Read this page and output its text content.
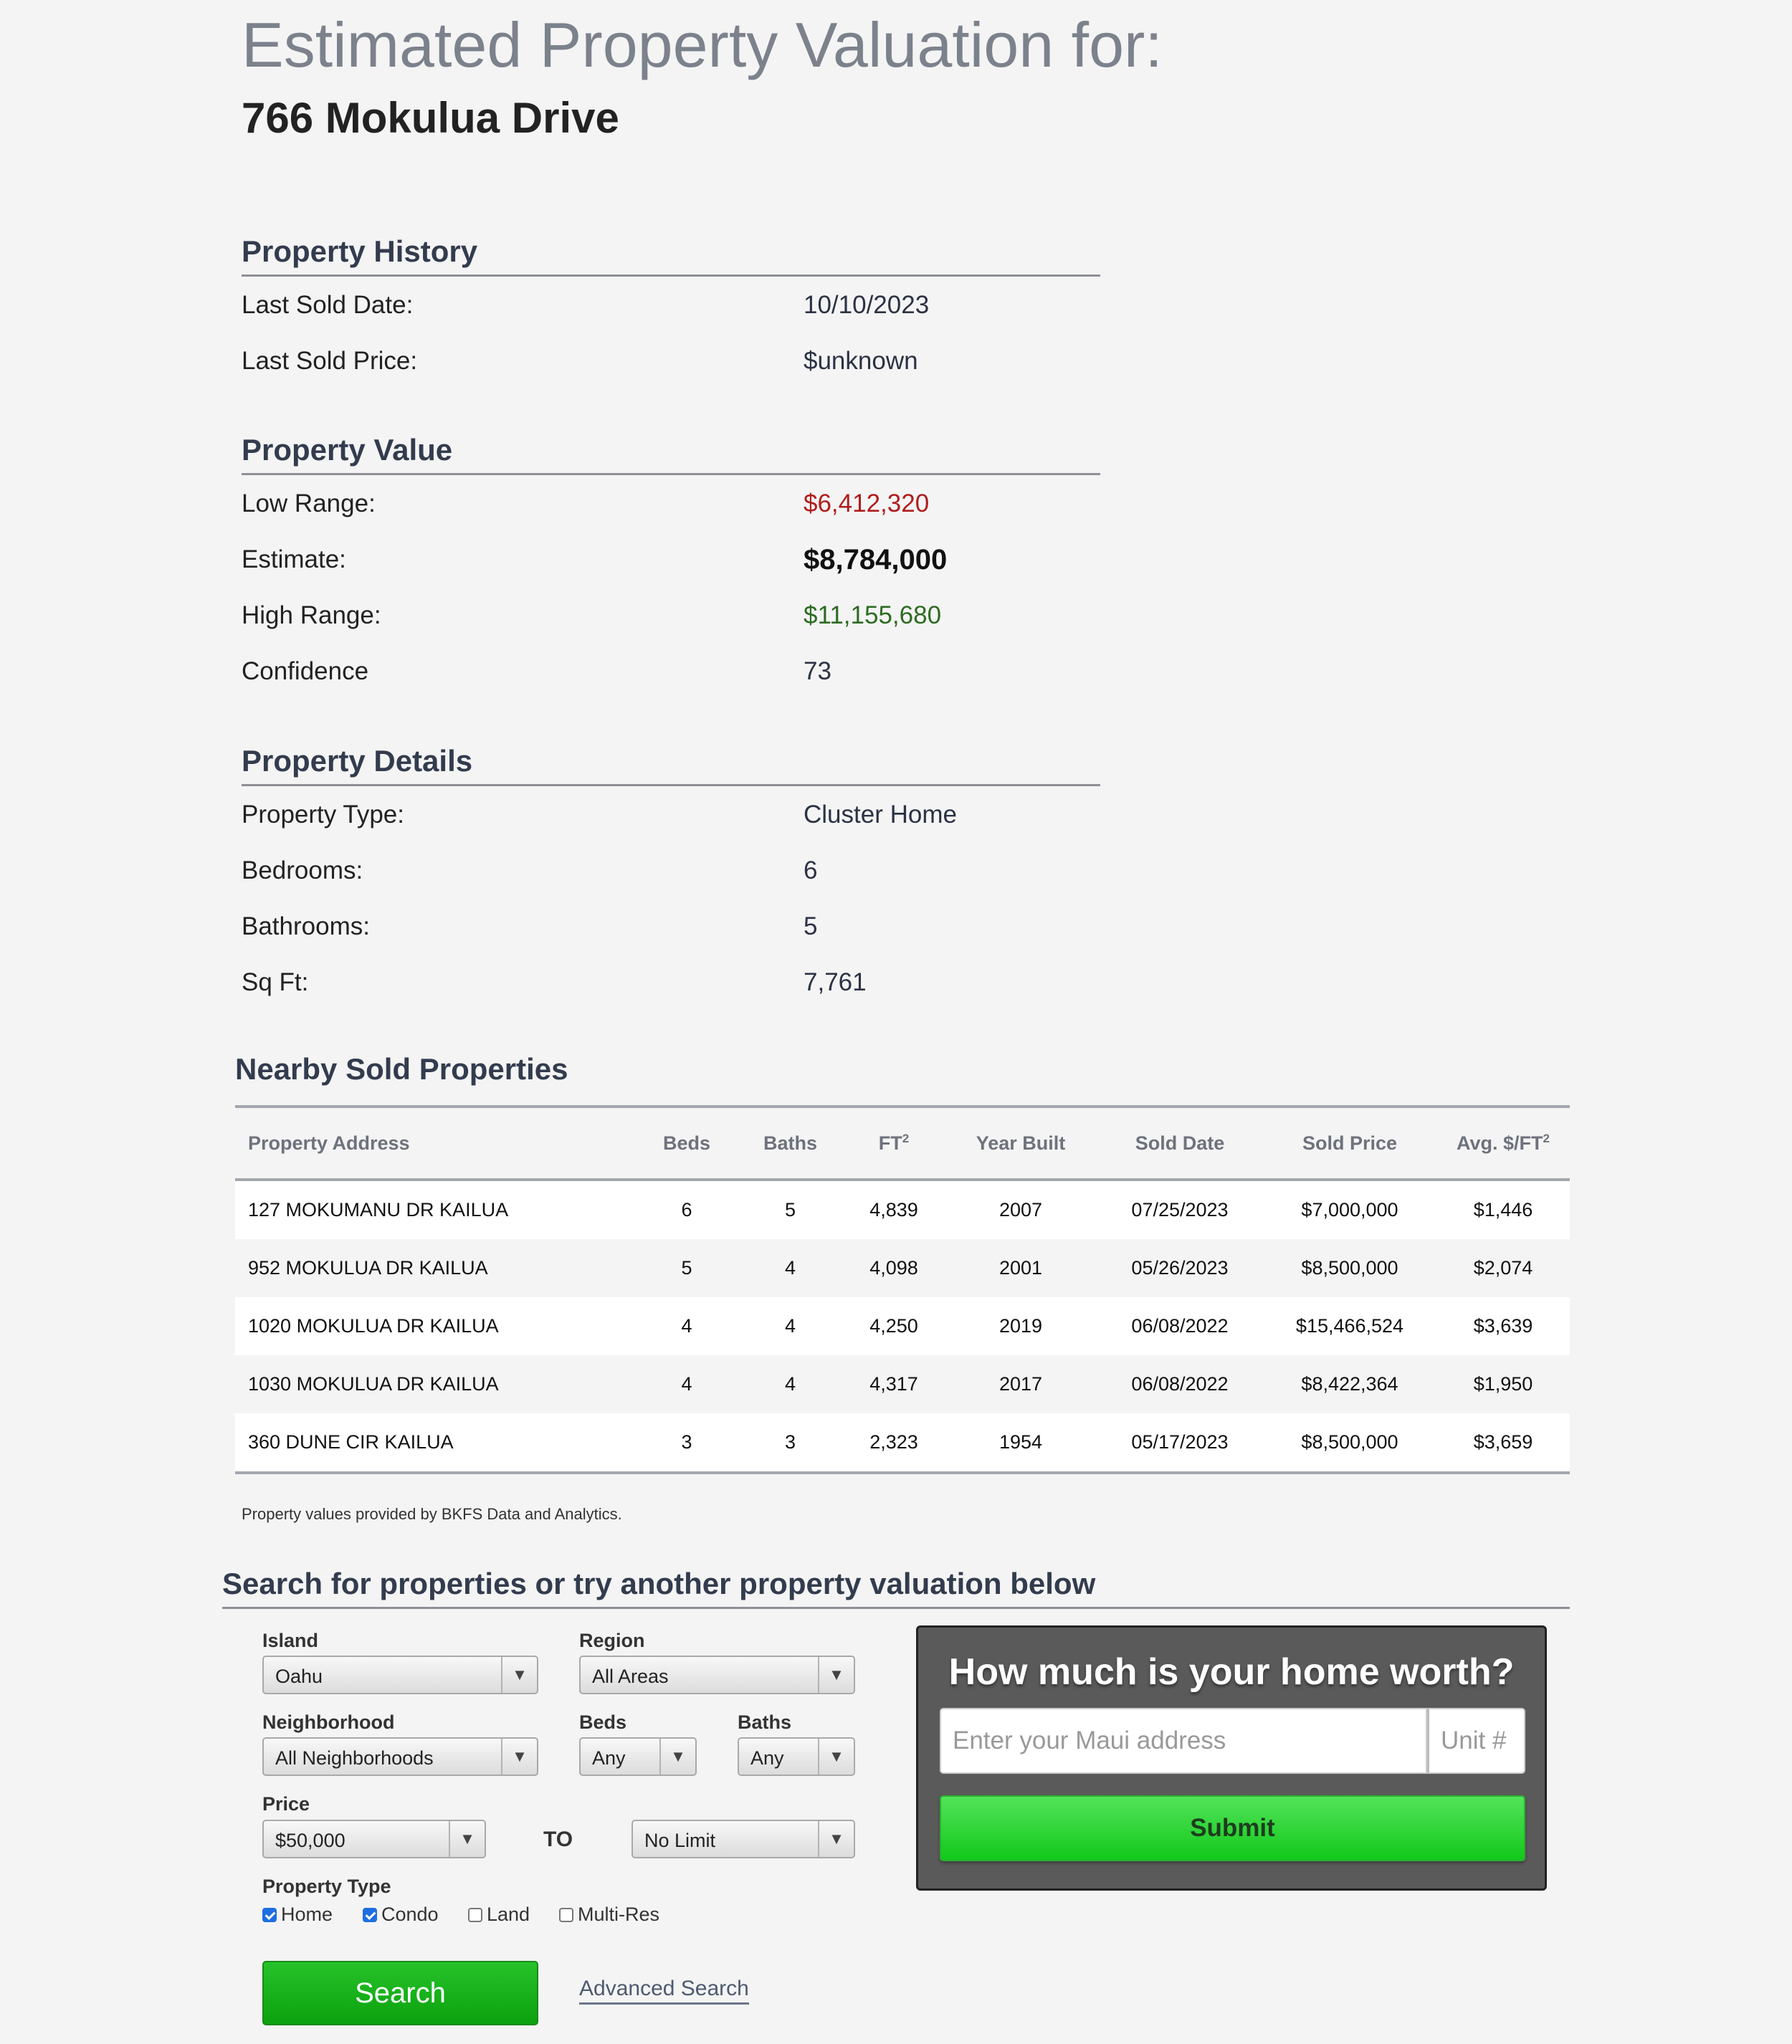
Estimated Property Valuation for:
766 Mokulua Drive
Property History
Last Sold Date:	10/10/2023
Last Sold Price:	$unknown
Property Value
Low Range:	$6,412,320
Estimate:	$8,784,000
High Range:	$11,155,680
Confidence	73
Property Details
Property Type:	Cluster Home
Bedrooms:	6
Bathrooms:	5
Sq Ft:	7,761
Nearby Sold Properties
Property Address	Beds	Baths	$FT^2$	Year Built	Sold Date	Sold Price	Avg. $\$/FT^2$
127 MOKUMANU DR KAILUA	6	5	4,839	2007	07/25/2023	$7,000,000	$1,446
952 MOKULUA DR KAILUA	5	4	4,098	2001	05/26/2023	$8,500,000	$2,074
1020 MOKULUA DR KAILUA	4	4	4,250	2019	06/08/2022	$15,466,524	$3,639
1030 MOKULUA DR KAILUA	4	4	4,317	2017	06/08/2022	$8,422,364	$1,950
360 DUNE CIR KAILUA	3	3	2,323	1954	05/17/2023	$8,500,000	$3,659
Property values provided by BKFS Data and Analytics.
Search for properties or try another property valuation below
Island
Oahu	▼
Region
All Areas	▼
Neighborhood
All Neighborhoods	▼
Beds
Any	▼
Baths
Any	▼
Price
$50,000	▼	TO	No Limit	▼
Property Type
Home	Condo	Land	Multi-Res
Search	Advanced Search
How much is your home worth?
Enter your Maui address	Unit #
Submit
